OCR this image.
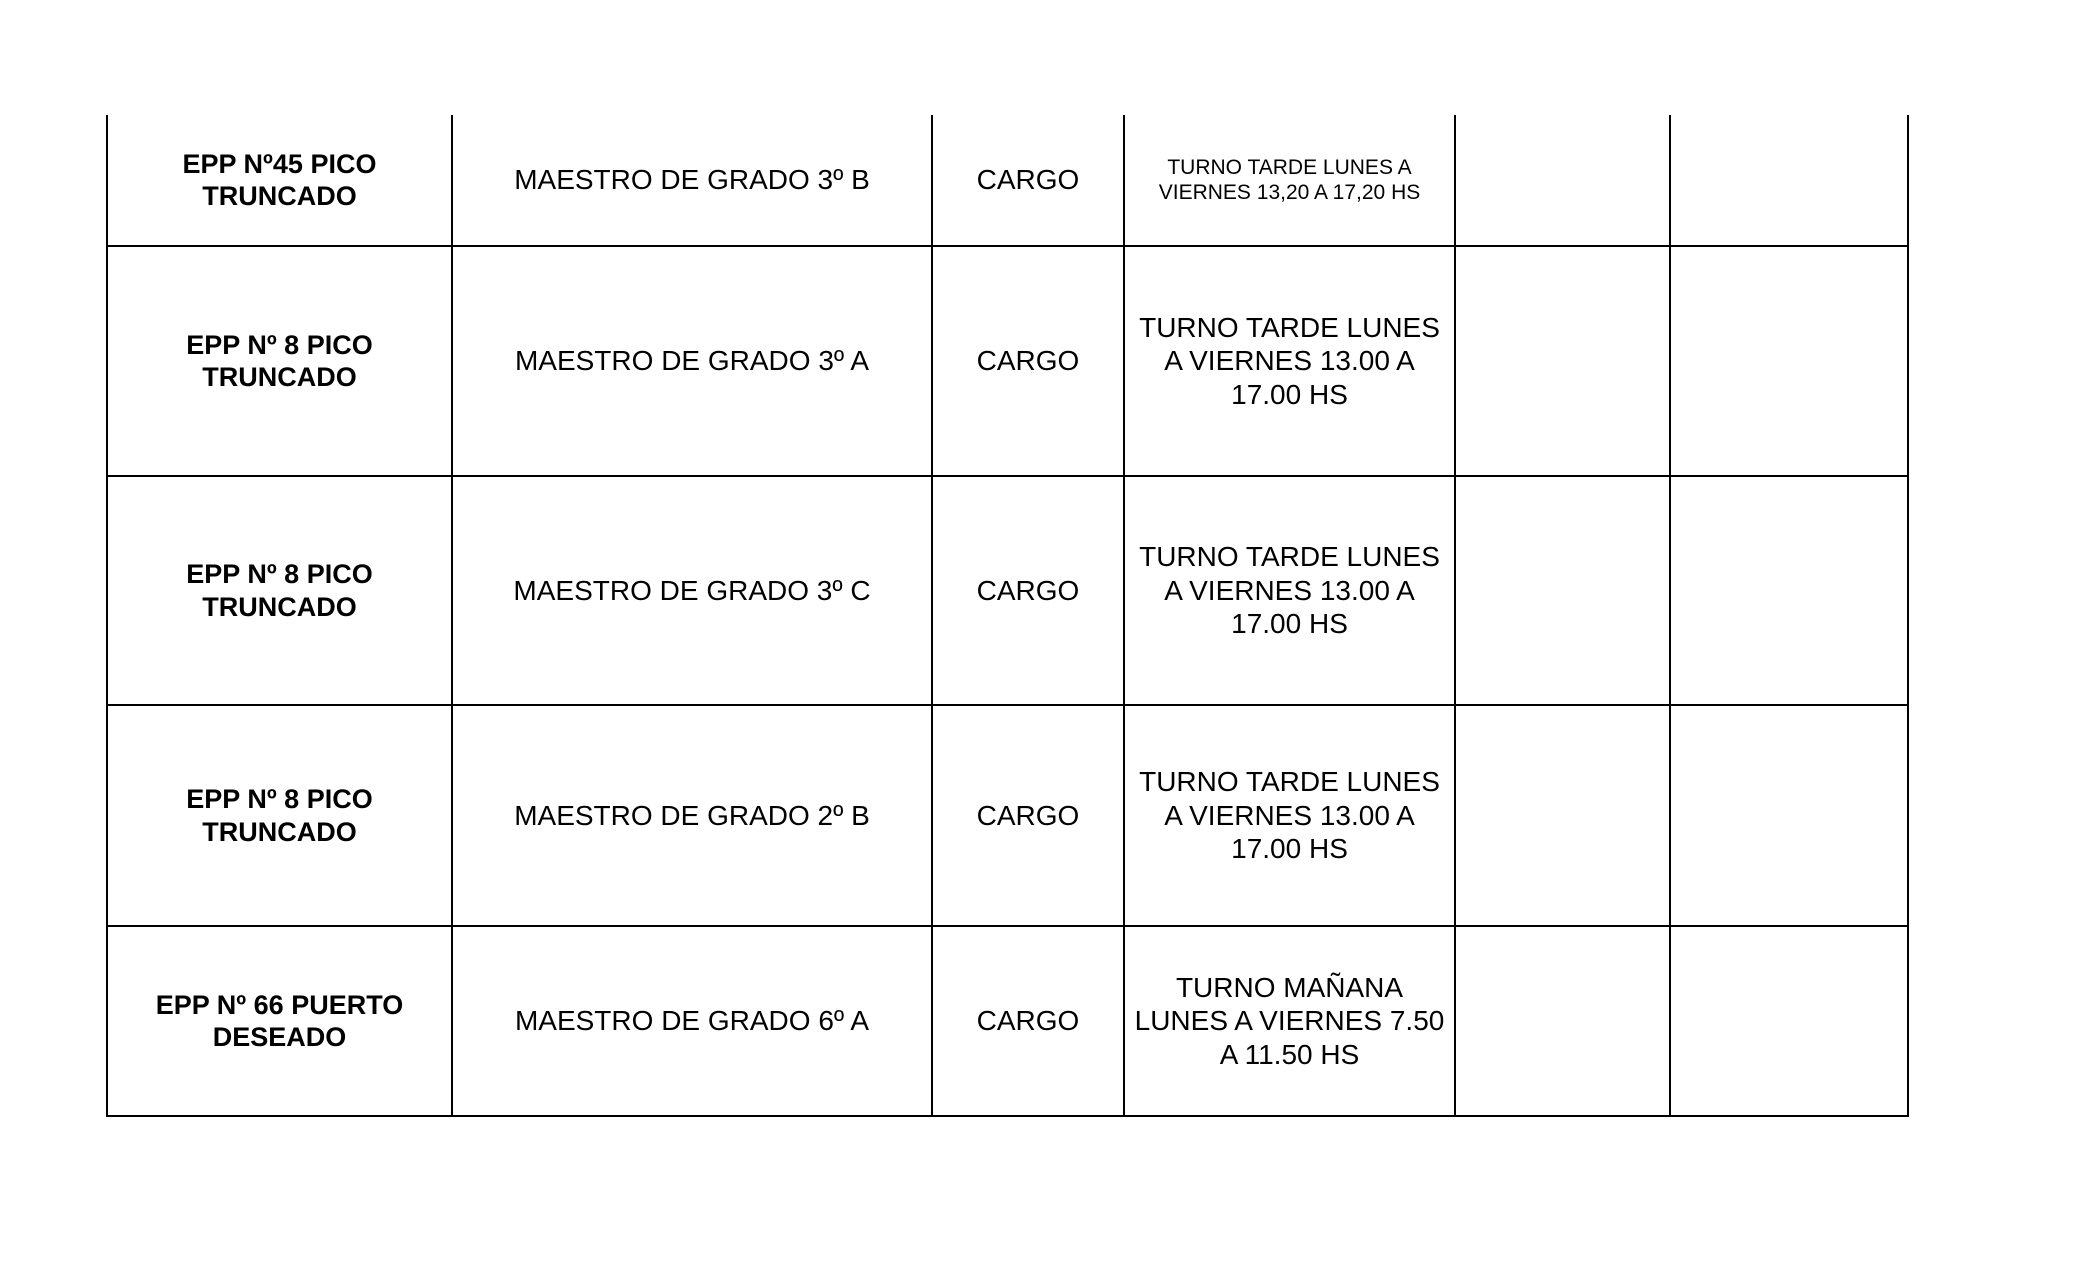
EPP Nº45 PICO TRUNCADO	MAESTRO DE GRADO 3º B	CARGO	TURNO TARDE LUNES A VIERNES 13,20 A 17,20 HS		
EPP Nº 8 PICO TRUNCADO	MAESTRO DE GRADO 3º A	CARGO	TURNO TARDE LUNES A VIERNES 13.00 A 17.00 HS		
EPP Nº 8 PICO TRUNCADO	MAESTRO DE GRADO 3º C	CARGO	TURNO TARDE LUNES A VIERNES 13.00 A 17.00 HS		
EPP Nº 8 PICO TRUNCADO	MAESTRO DE GRADO 2º B	CARGO	TURNO TARDE LUNES A VIERNES 13.00 A 17.00 HS		
EPP Nº 66 PUERTO DESEADO	MAESTRO DE GRADO 6º A	CARGO	TURNO MAÑANA LUNES A VIERNES 7.50 A 11.50 HS		
